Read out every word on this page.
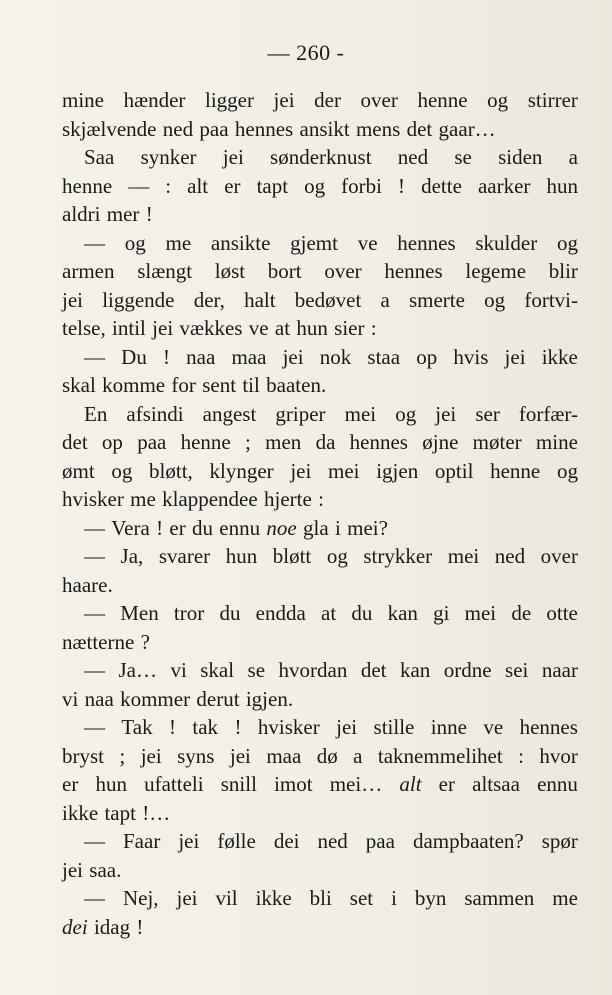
— 260 -
mine hænder ligger jei der over henne og stirrer
skjælvende ned paa hennes ansikt mens det gaar…
Saa synker jei sønderknust ned se siden a
henne — : alt er tapt og forbi ! dette aarker hun
aldri mer !
— og me ansikte gjemt ve hennes skulder og
armen slængt løst bort over hennes legeme blir
jei liggende der, halt bedøvet a smerte og fortvi-
telse, intil jei vækkes ve at hun sier :
— Du ! naa maa jei nok staa op hvis jei ikke
skal komme for sent til baaten.
En afsindi angest griper mei og jei ser forfær-
det op paa henne ; men da hennes øjne møter mine
ømt og bløtt, klynger jei mei igjen optil henne og
hvisker me klappendee hjerte :
— Vera ! er du ennu noe gla i mei?
— Ja, svarer hun bløtt og strykker mei ned over
haare.
— Men tror du endda at du kan gi mei de otte
nætterne ?
— Ja… vi skal se hvordan det kan ordne sei naar
vi naa kommer derut igjen.
— Tak ! tak ! hvisker jei stille inne ve hennes
bryst ; jei syns jei maa dø a taknemmelihet : hvor
er hun ufatteli snill imot mei… alt er altsaa ennu
ikke tapt !…
— Faar jei følle dei ned paa dampbaaten? spør
jei saa.
— Nej, jei vil ikke bli set i byn sammen me
dei idag !
